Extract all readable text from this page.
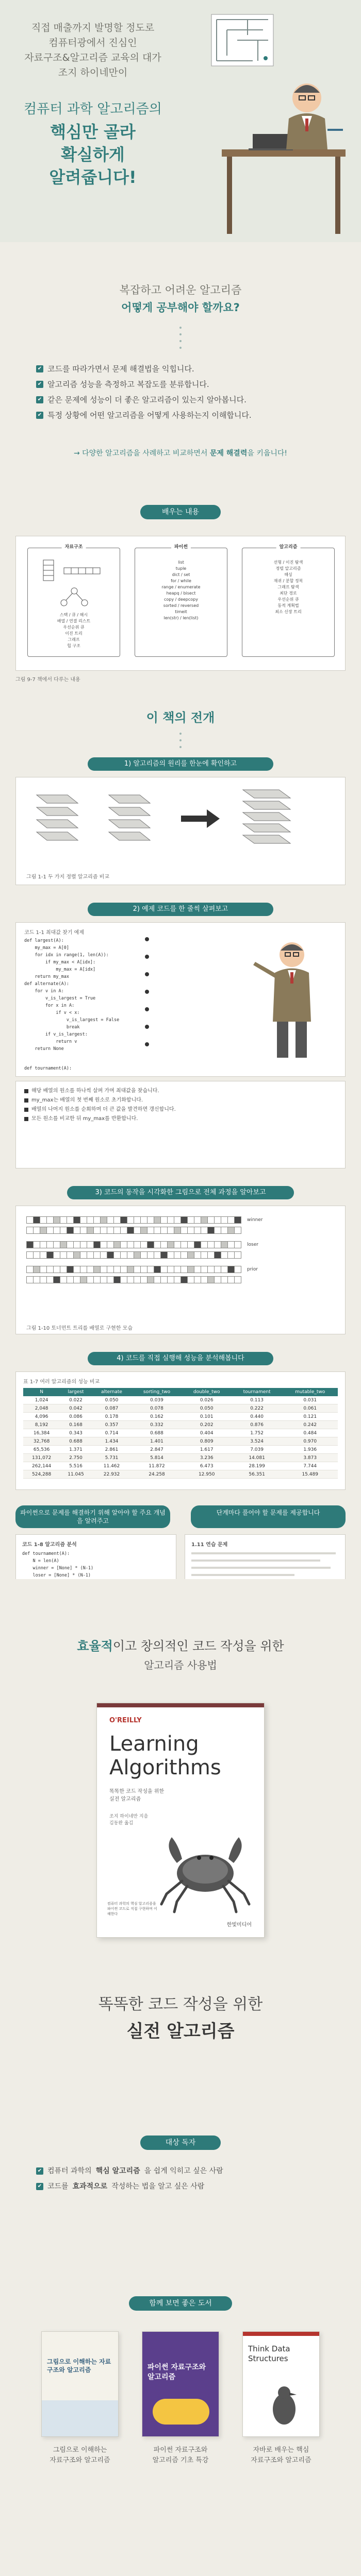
직접 매출까지 발명할 정도로
컴퓨터광에서 진심인
자료구조&알고리즘 교육의 대가
조지 하이네만이
컴퓨터 과학 알고리즘의
핵심만 골라
확실하게
알려줍니다!
복잡하고 어려운 알고리즘
어떻게 공부해야 할까요?
✔ 코드를 따라가면서 문제 해결법을 익힙니다.
✔ 알고리즘 성능을 측정하고 복잡도를 분류합니다.
✔ 같은 문제에 성능이 더 좋은 알고리즘이 있는지 알아봅니다.
✔ 특정 상황에 어떤 알고리즘을 어떻게 사용하는지 이해합니다.
→ 다양한 알고리즘을 사례하고 비교하면서 문제 해결력을 키웁니다!
배우는 내용
자료구조
스택 / 큐 / 해시
배열 / 연결 리스트
우선순위 큐
이진 트리
그래프
힙 구조
파이썬
list
tuple
dict / set
for / while
range / enumerate
heapq / bisect
copy / deepcopy
sorted / reversed
timeit
len(str) / len(list)
알고리즘
선형 / 이진 탐색
정렬 알고리즘
해싱
재귀 / 분할 정복
그래프 탐색
최단 경로
우선순위 큐
동적 계획법
최소 신장 트리
그림 9-7 책에서 다루는 내용
이 책의 전개
1) 알고리즘의 원리를 한눈에 확인하고
그림 1-1 두 가지 정렬 알고리즘 비교
2) 예제 코드를 한 줄씩 살펴보고
코드 1-1 최대값 찾기 예제
def largest(A):
my_max = A[0]
for idx in range(1, len(A)):
if my_max < A[idx]:
my_max = A[idx]
return my_max
def alternate(A):
for v in A:
v_is_largest = True
for x in A:
if v < x:
v_is_largest = False
break
if v_is_largest:
return v
return None
def tournament(A):
해당 배열의 원소를 하나씩 살펴 가며 최대값을 찾습니다.
my_max는 배열의 첫 번째 원소로 초기화합니다.
배열의 나머지 원소를 순회하며 더 큰 값을 발견하면 갱신합니다.
모든 원소를 비교한 뒤 my_max를 반환합니다.
3) 코드의 동작을 시각화한 그림으로 전체 과정을 알아보고
winner
loser
prior
그림 1-10 토너먼트 트리를 배열로 구현한 모습
4) 코드를 직접 실행해 성능을 분석해봅니다
표 1-7 여러 알고리즘의 성능 비교
N	largest	alternate	sorting_two	double_two	tournament	mutable_two
1,024	0.022	0.050	0.039	0.026	0.113	0.031
2,048	0.042	0.087	0.078	0.050	0.222	0.061
4,096	0.086	0.178	0.162	0.101	0.440	0.121
8,192	0.168	0.357	0.332	0.202	0.876	0.242
16,384	0.343	0.714	0.688	0.404	1.752	0.484
32,768	0.688	1.434	1.401	0.809	3.524	0.970
65,536	1.371	2.861	2.847	1.617	7.039	1.936
131,072	2.750	5.731	5.814	3.236	14.081	3.873
262,144	5.516	11.462	11.872	6.473	28.199	7.744
524,288	11.045	22.932	24.258	12.950	56.351	15.489
파이썬으로 문제를 해결하기 위해 알아야 할 주요 개념을 알려주고
단계마다 풀어야 할 문제를 제공합니다
코드 1-8 알고리즘 분석
def tournament(A):
N = len(A)
winner = [None] * (N-1)
loser = [None] * (N-1)
1.11 연습 문제
효율적이고 창의적인 코드 작성을 위한
알고리즘 사용법
O'REILLY
Learning
Algorithms
똑똑한 코드 작성을 위한
실전 알고리즘
조지 하이네만 지음
김동완 옮김
컴퓨터 과학의 핵심 알고리즘을 파이썬 코드로 직접 구현하며 이해한다
한빛미디어
똑똑한 코드 작성을 위한
실전 알고리즘
대상 독자
✔ 컴퓨터 과학의 핵심 알고리즘 을 쉽게 익히고 싶은 사람
✔ 코드를 효과적으로 작성하는 법을 알고 싶은 사람
함께 보면 좋은 도서
그림으로 이해하는 자료구조와 알고리즘
그림으로 이해하는
자료구조와 알고리즘
파이썬 자료구조와 알고리즘
파이썬 자료구조와
알고리즘 기초 특강
Think Data Structures
자바로 배우는 핵심
자료구조와 알고리즘
